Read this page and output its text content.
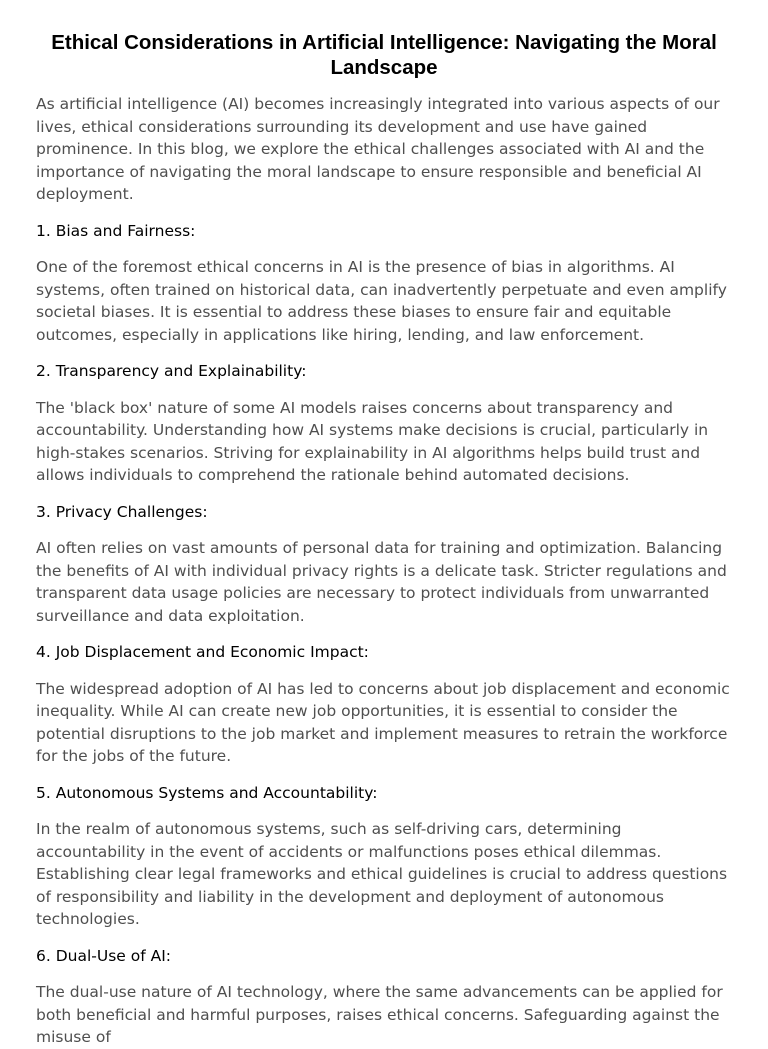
Ethical Considerations in Artificial Intelligence: Navigating the Moral Landscape

As artificial intelligence (AI) becomes increasingly integrated into various aspects of our lives, ethical considerations surrounding its development and use have gained prominence. In this blog, we explore the ethical challenges associated with AI and the importance of navigating the moral landscape to ensure responsible and beneficial AI deployment.

1. Bias and Fairness:

One of the foremost ethical concerns in AI is the presence of bias in algorithms. AI systems, often trained on historical data, can inadvertently perpetuate and even amplify societal biases. It is essential to address these biases to ensure fair and equitable outcomes, especially in applications like hiring, lending, and law enforcement.

2. Transparency and Explainability:

The 'black box' nature of some AI models raises concerns about transparency and accountability. Understanding how AI systems make decisions is crucial, particularly in high-stakes scenarios. Striving for explainability in AI algorithms helps build trust and allows individuals to comprehend the rationale behind automated decisions.

3. Privacy Challenges:

AI often relies on vast amounts of personal data for training and optimization. Balancing the benefits of AI with individual privacy rights is a delicate task. Stricter regulations and transparent data usage policies are necessary to protect individuals from unwarranted surveillance and data exploitation.

4. Job Displacement and Economic Impact:

The widespread adoption of AI has led to concerns about job displacement and economic inequality. While AI can create new job opportunities, it is essential to consider the potential disruptions to the job market and implement measures to retrain the workforce for the jobs of the future.

5. Autonomous Systems and Accountability:

In the realm of autonomous systems, such as self-driving cars, determining accountability in the event of accidents or malfunctions poses ethical dilemmas. Establishing clear legal frameworks and ethical guidelines is crucial to address questions of responsibility and liability in the development and deployment of autonomous technologies.

6. Dual-Use of AI:

The dual-use nature of AI technology, where the same advancements can be applied for both beneficial and harmful purposes, raises ethical concerns. Safeguarding against the misuse of
